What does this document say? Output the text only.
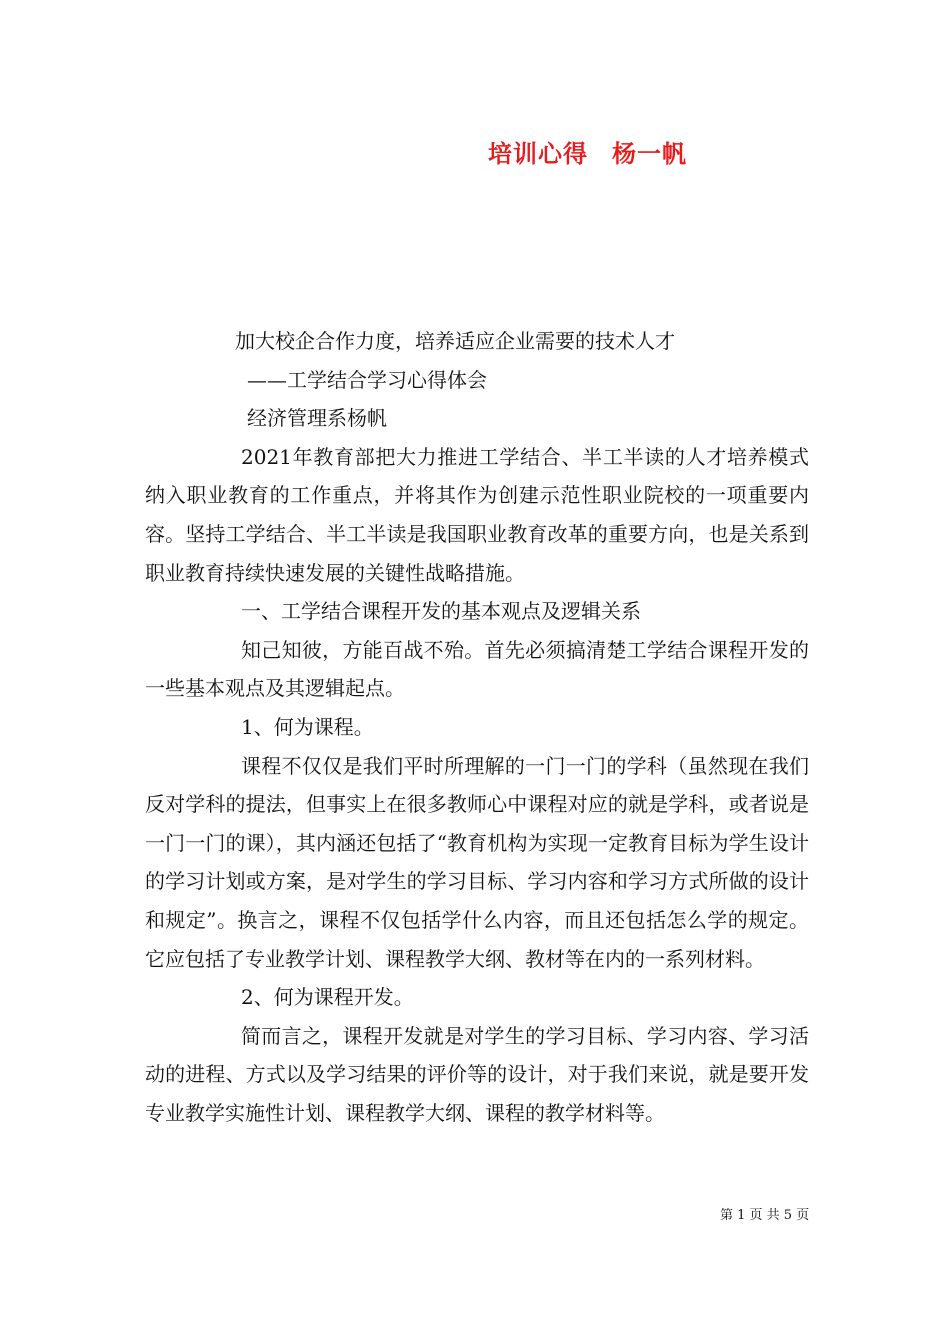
培训心得 杨一帆

加大校企合作力度，培养适应企业需要的技术人才

——工学结合学习心得体会

经济管理系杨帆

2021年教育部把大力推进工学结合、半工半读的人才培养模式纳入职业教育的工作重点，并将其作为创建示范性职业院校的一项重要内容。坚持工学结合、半工半读是我国职业教育改革的重要方向，也是关系到职业教育持续快速发展的关键性战略措施。

一、工学结合课程开发的基本观点及逻辑关系

知己知彼，方能百战不殆。首先必须搞清楚工学结合课程开发的一些基本观点及其逻辑起点。

1、何为课程。

课程不仅仅是我们平时所理解的一门一门的学科（虽然现在我们反对学科的提法，但事实上在很多教师心中课程对应的就是学科，或者说是一门一门的课），其内涵还包括了“教育机构为实现一定教育目标为学生设计的学习计划或方案，是对学生的学习目标、学习内容和学习方式所做的设计和规定”。换言之，课程不仅包括学什么内容，而且还包括怎么学的规定。它应包括了专业教学计划、课程教学大纲、教材等在内的一系列材料。

2、何为课程开发。

简而言之，课程开发就是对学生的学习目标、学习内容、学习活动的进程、方式以及学习结果的评价等的设计，对于我们来说，就是要开发专业教学实施性计划、课程教学大纲、课程的教学材料等。

第 1 页 共 5 页
